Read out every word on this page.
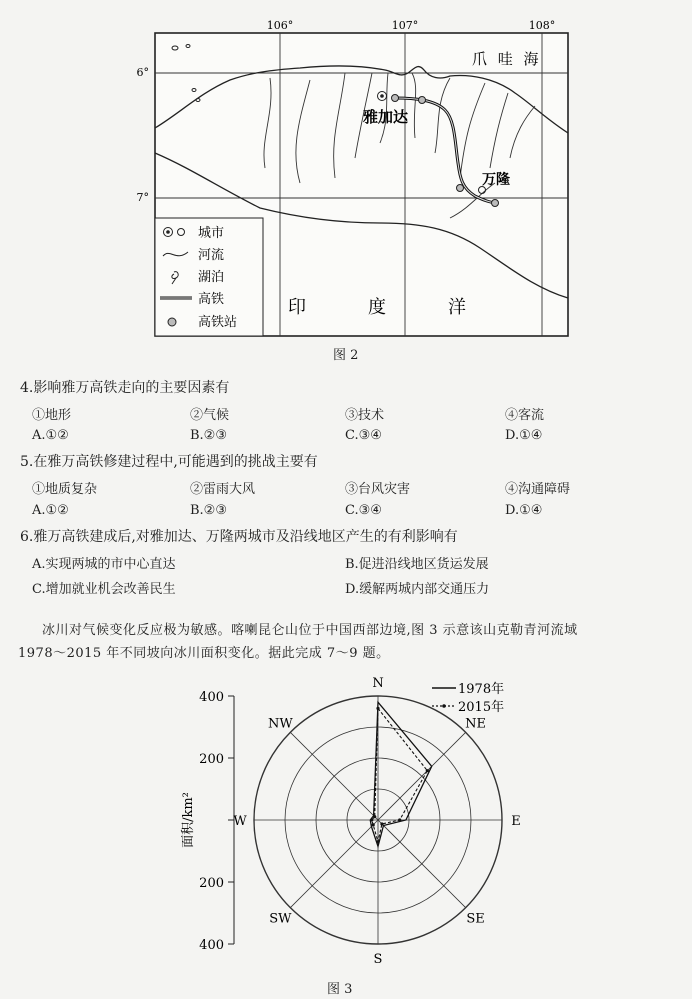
106°	107°	108°
6°
7°
爪 哇 海
雅加达
万隆
印	度	洋
城市
河流
湖泊
高铁
高铁站
图 2
4.影响雅万高铁走向的主要因素有
①地形	②气候	③技术	④客流
A.①②	B.②③	C.③④	D.①④
5.在雅万高铁修建过程中,可能遇到的挑战主要有
①地质复杂	②雷雨大风	③台风灾害	④沟通障碍
A.①②	B.②③	C.③④	D.①④
6.雅万高铁建成后,对雅加达、万隆两城市及沿线地区产生的有利影响有
A.实现两城的市中心直达	B.促进沿线地区货运发展
C.增加就业机会改善民生	D.缓解两城内部交通压力
冰川对气候变化反应极为敏感。喀喇昆仑山位于中国西部边境,图 3 示意该山克勒青河流域
1978～2015 年不同坡向冰川面积变化。据此完成 7～9 题。
400
200
200
400
面积/km²
N
NE
E
SE
S
SW
W
NW
1978年
2015年
图 3
